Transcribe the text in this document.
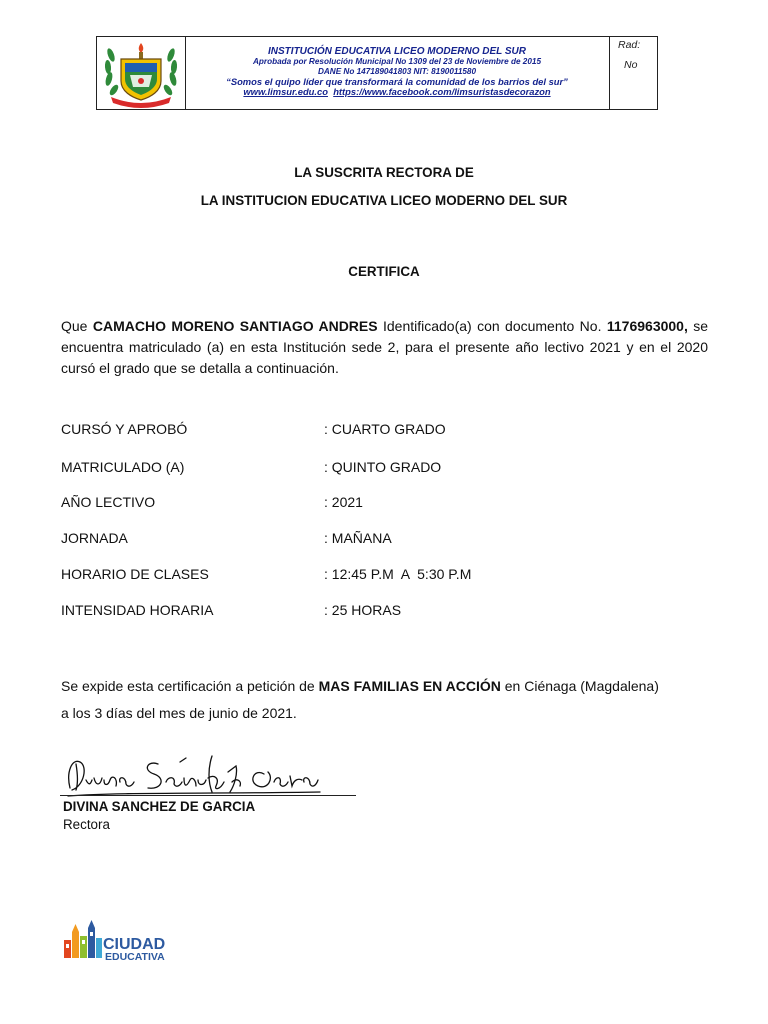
INSTITUCIÓN EDUCATIVA LICEO MODERNO DEL SUR
Aprobada por Resolución Municipal No 1309 del 23 de Noviembre de 2015
DANE No 147189041803 NIT: 8190011580
“Somos el quipo líder que transformará la comunidad de los barrios del sur”
www.limsur.edu.co https://www.facebook.com/limsuristasdecorazon
Rad:
No
LA SUSCRITA RECTORA DE
LA INSTITUCION EDUCATIVA LICEO MODERNO DEL SUR
CERTIFICA
Que CAMACHO MORENO SANTIAGO ANDRES Identificado(a) con documento No. 1176963000, se encuentra matriculado (a) en esta Institución sede 2, para el presente año lectivo 2021 y en el 2020 cursó el grado que se detalla a continuación.
CURSÓ Y APROBÓ	: CUARTO GRADO
MATRICULADO (A)	: QUINTO GRADO
AÑO LECTIVO	: 2021
JORNADA	: MAÑANA
HORARIO DE CLASES	: 12:45 P.M  A  5:30 P.M
INTENSIDAD HORARIA	: 25 HORAS
Se expide esta certificación a petición de MAS FAMILIAS EN ACCIÓN en Ciénaga (Magdalena)
a los 3 días del mes de junio de 2021.
DIVINA SANCHEZ DE GARCIA
Rectora
CIUDAD
EDUCATIVA
